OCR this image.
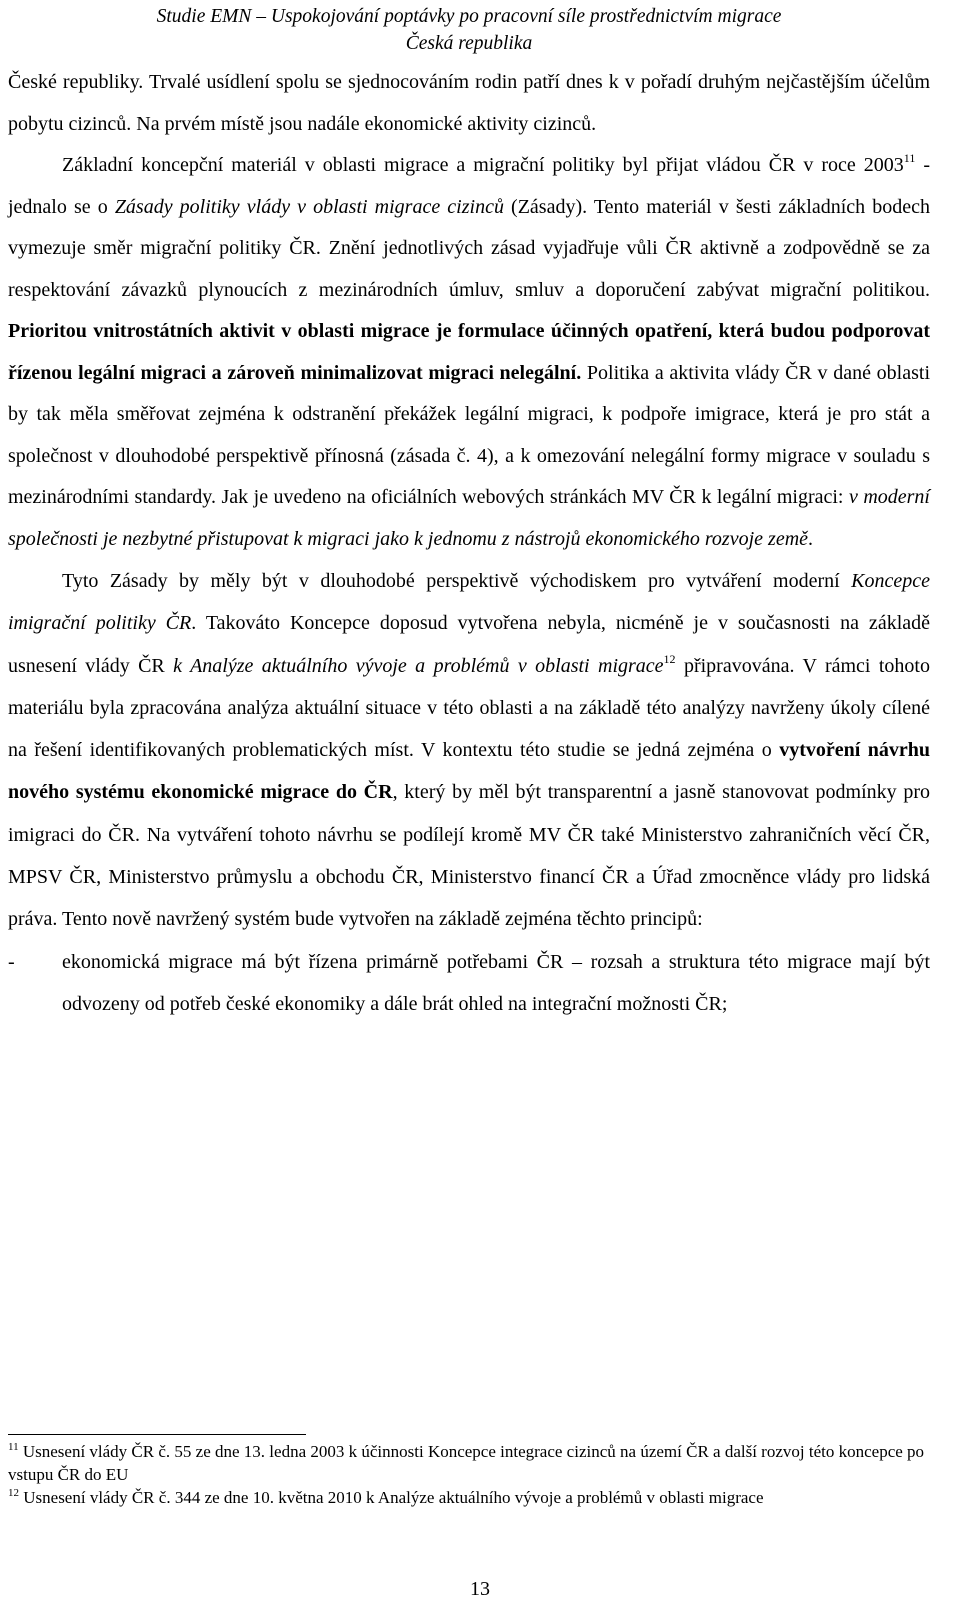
Studie EMN – Uspokojování poptávky po pracovní síle prostřednictvím migrace
Česká republika

České republiky. Trvalé usídlení spolu se sjednocováním rodin patří dnes k v pořadí druhým nejčastějším účelům pobytu cizinců. Na prvém místě jsou nadále ekonomické aktivity cizinců.

Základní koncepční materiál v oblasti migrace a migrační politiky byl přijat vládou ČR v roce 2003$^{11}$ - jednalo se o Zásady politiky vlády v oblasti migrace cizinců (Zásady). Tento materiál v šesti základních bodech vymezuje směr migrační politiky ČR. Znění jednotlivých zásad vyjadřuje vůli ČR aktivně a zodpovědně se za respektování závazků plynoucích z mezinárodních úmluv, smluv a doporučení zabývat migrační politikou. Prioritou vnitrostátních aktivit v oblasti migrace je formulace účinných opatření, která budou podporovat řízenou legální migraci a zároveň minimalizovat migraci nelegální. Politika a aktivita vlády ČR v dané oblasti by tak měla směřovat zejména k odstranění překážek legální migraci, k podpoře imigrace, která je pro stát a společnost v dlouhodobé perspektivě přínosná (zásada č. 4), a k omezování nelegální formy migrace v souladu s mezinárodními standardy. Jak je uvedeno na oficiálních webových stránkách MV ČR k legální migraci: v moderní společnosti je nezbytné přistupovat k migraci jako k jednomu z nástrojů ekonomického rozvoje země.

Tyto Zásady by měly být v dlouhodobé perspektivě východiskem pro vytváření moderní Koncepce imigrační politiky ČR. Takováto Koncepce doposud vytvořena nebyla, nicméně je v současnosti na základě usnesení vlády ČR k Analýze aktuálního vývoje a problémů v oblasti migrace$^{12}$ připravována. V rámci tohoto materiálu byla zpracována analýza aktuální situace v této oblasti a na základě této analýzy navrženy úkoly cílené na řešení identifikovaných problematických míst. V kontextu této studie se jedná zejména o vytvoření návrhu nového systému ekonomické migrace do ČR, který by měl být transparentní a jasně stanovovat podmínky pro imigraci do ČR. Na vytváření tohoto návrhu se podílejí kromě MV ČR také Ministerstvo zahraničních věcí ČR, MPSV ČR, Ministerstvo průmyslu a obchodu ČR, Ministerstvo financí ČR a Úřad zmocněnce vlády pro lidská práva. Tento nově navržený systém bude vytvořen na základě zejména těchto principů:

- ekonomická migrace má být řízena primárně potřebami ČR – rozsah a struktura této migrace mají být odvozeny od potřeb české ekonomiky a dále brát ohled na integrační možnosti ČR;

$^{11}$ Usnesení vlády ČR č. 55 ze dne 13. ledna 2003 k účinnosti Koncepce integrace cizinců na území ČR a další rozvoj této koncepce po vstupu ČR do EU

$^{12}$ Usnesení vlády ČR č. 344 ze dne 10. května 2010 k Analýze aktuálního vývoje a problémů v oblasti migrace

13
